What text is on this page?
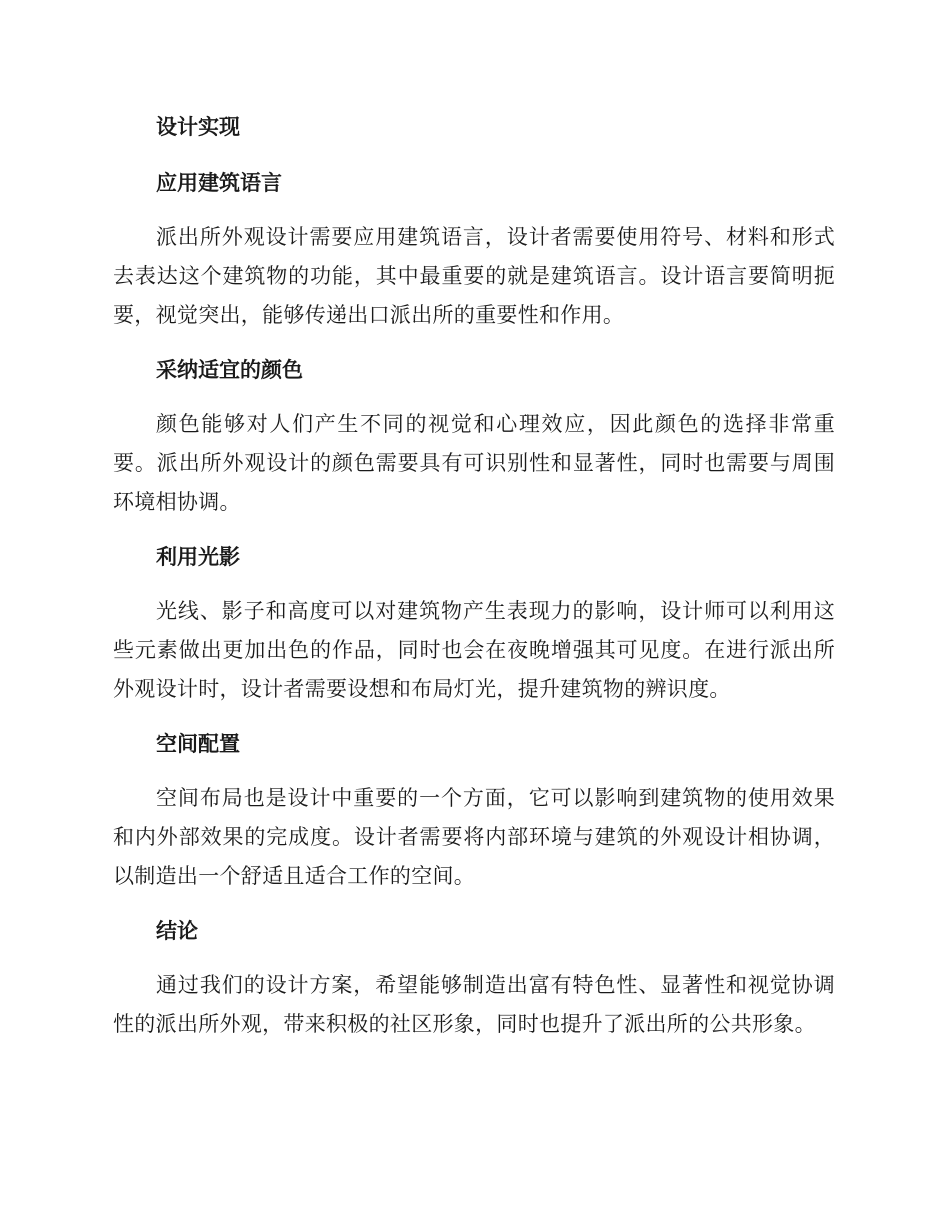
设计实现
应用建筑语言

派出所外观设计需要应用建筑语言，设计者需要使用符号、材料和形式去表达这个建筑物的功能，其中最重要的就是建筑语言。设计语言要简明扼要，视觉突出，能够传递出口派出所的重要性和作用。

采纳适宜的颜色

颜色能够对人们产生不同的视觉和心理效应，因此颜色的选择非常重要。派出所外观设计的颜色需要具有可识别性和显著性，同时也需要与周围环境相协调。

利用光影

光线、影子和高度可以对建筑物产生表现力的影响，设计师可以利用这些元素做出更加出色的作品，同时也会在夜晚增强其可见度。在进行派出所外观设计时，设计者需要设想和布局灯光，提升建筑物的辨识度。

空间配置

空间布局也是设计中重要的一个方面，它可以影响到建筑物的使用效果和内外部效果的完成度。设计者需要将内部环境与建筑的外观设计相协调，以制造出一个舒适且适合工作的空间。

结论

通过我们的设计方案，希望能够制造出富有特色性、显著性和视觉协调性的派出所外观，带来积极的社区形象，同时也提升了派出所的公共形象。
